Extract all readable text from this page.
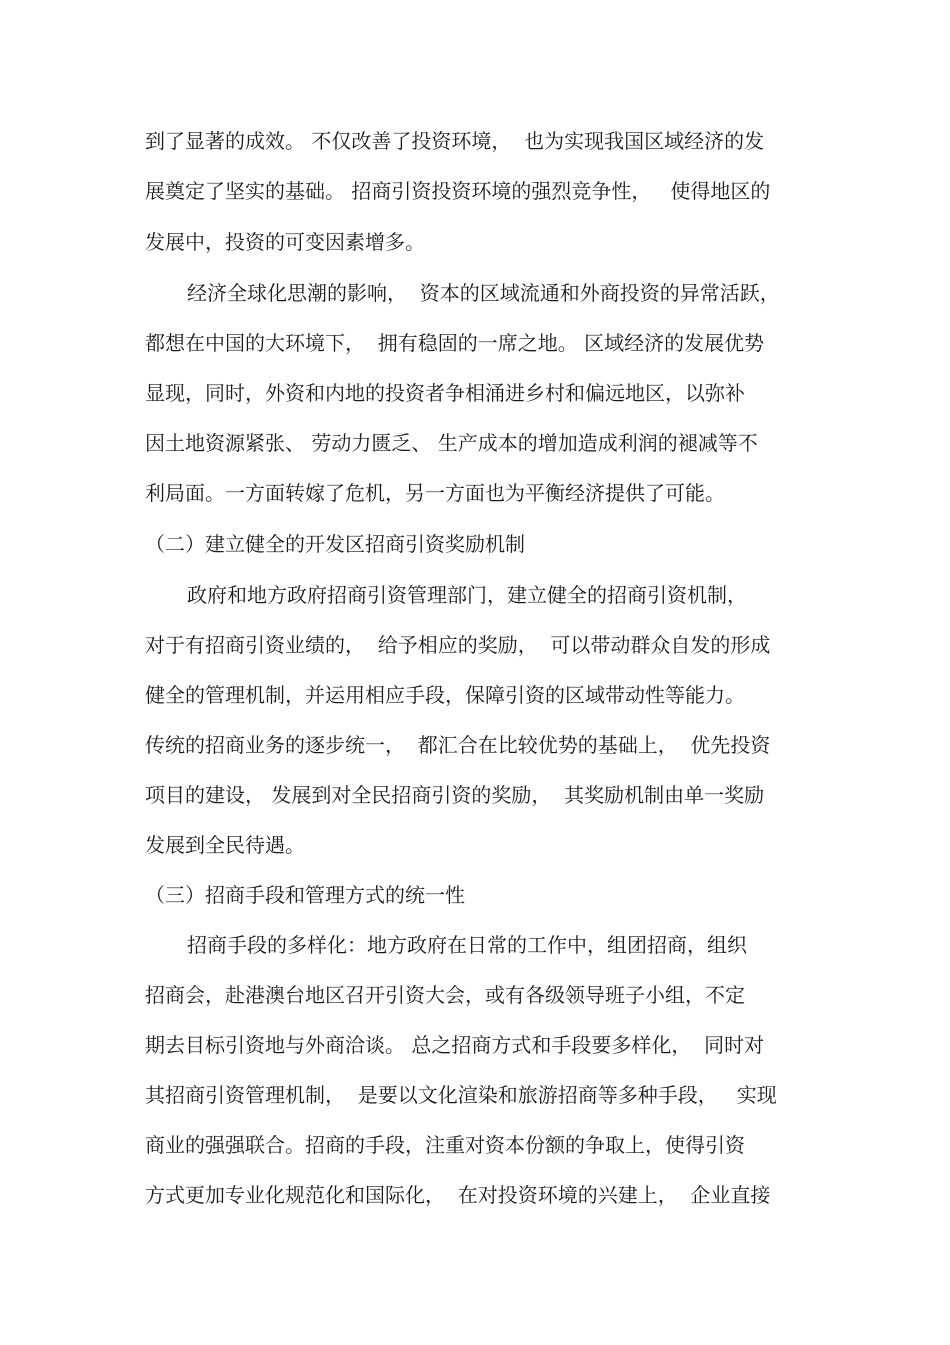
到了显著的成效。 不仅改善了投资环境，  也为实现我国区域经济的发
展奠定了坚实的基础。 招商引资投资环境的强烈竞争性，   使得地区的
发展中，投资的可变因素增多。
经济全球化思潮的影响，  资本的区域流通和外商投资的异常活跃，
都想在中国的大环境下，  拥有稳固的一席之地。 区域经济的发展优势
显现，同时，外资和内地的投资者争相涌进乡村和偏远地区，以弥补
因土地资源紧张、 劳动力匮乏、 生产成本的增加造成利润的褪减等不
利局面。一方面转嫁了危机，另一方面也为平衡经济提供了可能。
（二）建立健全的开发区招商引资奖励机制
政府和地方政府招商引资管理部门，建立健全的招商引资机制，
对于有招商引资业绩的，  给予相应的奖励，  可以带动群众自发的形成
健全的管理机制，并运用相应手段，保障引资的区域带动性等能力。
传统的招商业务的逐步统一，  都汇合在比较优势的基础上，  优先投资
项目的建设， 发展到对全民招商引资的奖励，  其奖励机制由单一奖励
发展到全民待遇。
（三）招商手段和管理方式的统一性
招商手段的多样化：地方政府在日常的工作中，组团招商，组织
招商会，赴港澳台地区召开引资大会，或有各级领导班子小组，不定
期去目标引资地与外商洽谈。 总之招商方式和手段要多样化，  同时对
其招商引资管理机制，  是要以文化渲染和旅游招商等多种手段，   实现
商业的强强联合。招商的手段，注重对资本份额的争取上，使得引资
方式更加专业化规范化和国际化，  在对投资环境的兴建上，  企业直接
